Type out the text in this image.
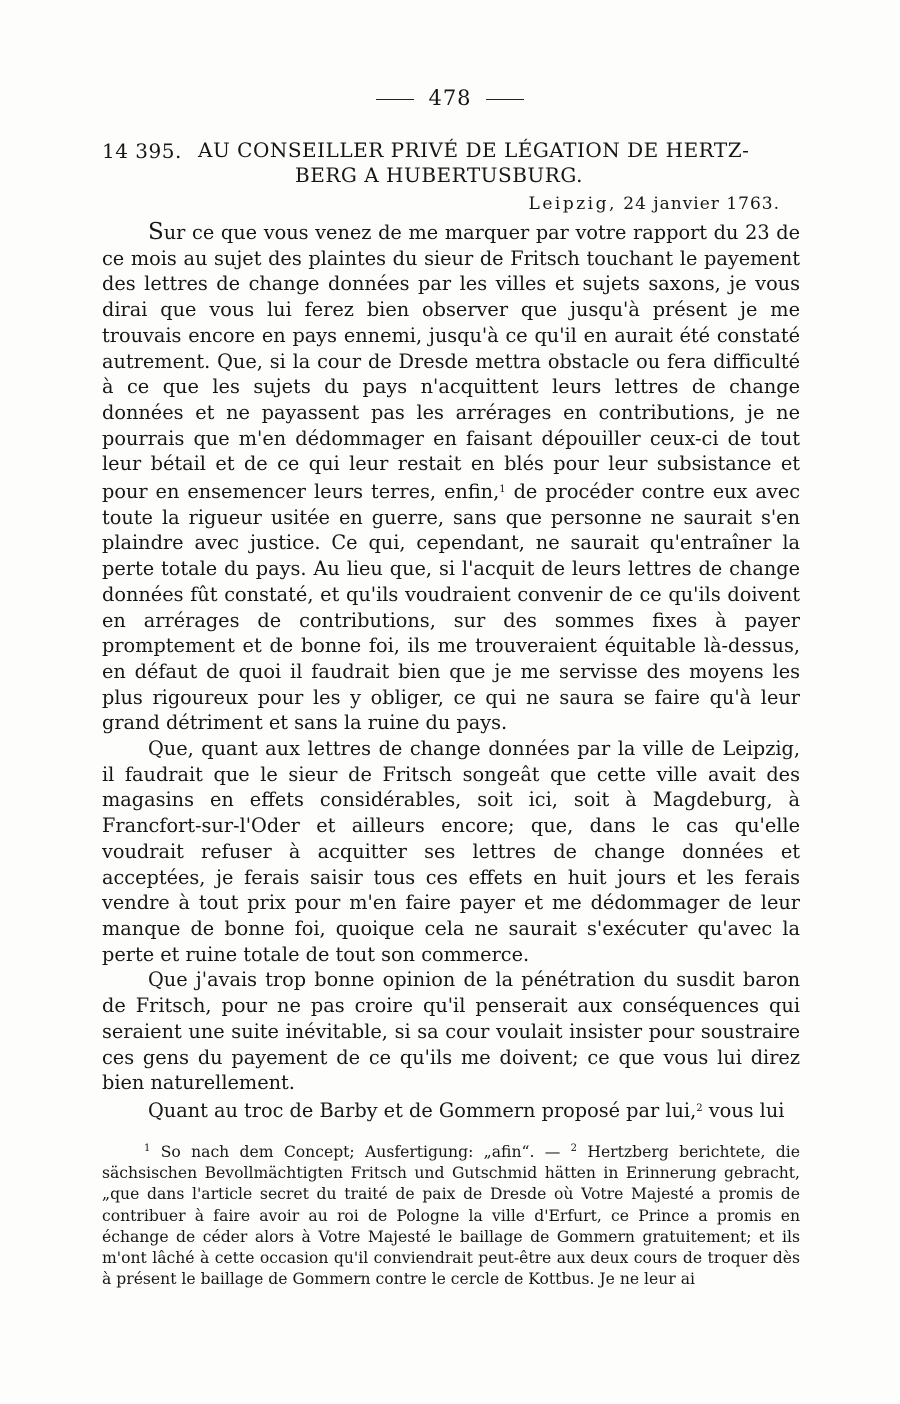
478
14 395. AU CONSEILLER PRIVÉ DE LÉGATION DE HERTZ-
BERG A HUBERTUSBURG.
Leipzig, 24 janvier 1763.

Sur ce que vous venez de me marquer par votre rapport du 23 de ce mois au sujet des plaintes du sieur de Fritsch touchant le payement des lettres de change données par les villes et sujets saxons, je vous dirai que vous lui ferez bien observer que jusqu'à présent je me trouvais encore en pays ennemi, jusqu'à ce qu'il en aurait été constaté autrement. Que, si la cour de Dresde mettra obstacle ou fera difficulté à ce que les sujets du pays n'acquittent leurs lettres de change données et ne payassent pas les arrérages en contributions, je ne pourrais que m'en dédommager en faisant dépouiller ceux-ci de tout leur bétail et de ce qui leur restait en blés pour leur subsistance et pour en ensemencer leurs terres, enfin,$^1$ de procéder contre eux avec toute la rigueur usitée en guerre, sans que personne ne saurait s'en plaindre avec justice. Ce qui, cependant, ne saurait qu'entraîner la perte totale du pays. Au lieu que, si l'acquit de leurs lettres de change données fût constaté, et qu'ils voudraient convenir de ce qu'ils doivent en arrérages de contributions, sur des sommes fixes à payer promptement et de bonne foi, ils me trouveraient équitable là-dessus, en défaut de quoi il faudrait bien que je me servisse des moyens les plus rigoureux pour les y obliger, ce qui ne saura se faire qu'à leur grand détriment et sans la ruine du pays.

Que, quant aux lettres de change données par la ville de Leipzig, il faudrait que le sieur de Fritsch songeât que cette ville avait des magasins en effets considérables, soit ici, soit à Magdeburg, à Francfort-sur-l'Oder et ailleurs encore; que, dans le cas qu'elle voudrait refuser à acquitter ses lettres de change données et acceptées, je ferais saisir tous ces effets en huit jours et les ferais vendre à tout prix pour m'en faire payer et me dédommager de leur manque de bonne foi, quoique cela ne saurait s'exécuter qu'avec la perte et ruine totale de tout son commerce.

Que j'avais trop bonne opinion de la pénétration du susdit baron de Fritsch, pour ne pas croire qu'il penserait aux conséquences qui seraient une suite inévitable, si sa cour voulait insister pour soustraire ces gens du payement de ce qu'ils me doivent; ce que vous lui direz bien naturellement.

Quant au troc de Barby et de Gommern proposé par lui,$^2$ vous lui

$^1$ So nach dem Concept; Ausfertigung: „afin“. — $^2$ Hertzberg berichtete, die sächsischen Bevollmächtigten Fritsch und Gutschmid hätten in Erinnerung gebracht, „que dans l'article secret du traité de paix de Dresde où Votre Majesté a promis de contribuer à faire avoir au roi de Pologne la ville d'Erfurt, ce Prince a promis en échange de céder alors à Votre Majesté le baillage de Gommern gratuitement; et ils m'ont lâché à cette occasion qu'il conviendrait peut-être aux deux cours de troquer dès à présent le baillage de Gommern contre le cercle de Kottbus. Je ne leur ai
